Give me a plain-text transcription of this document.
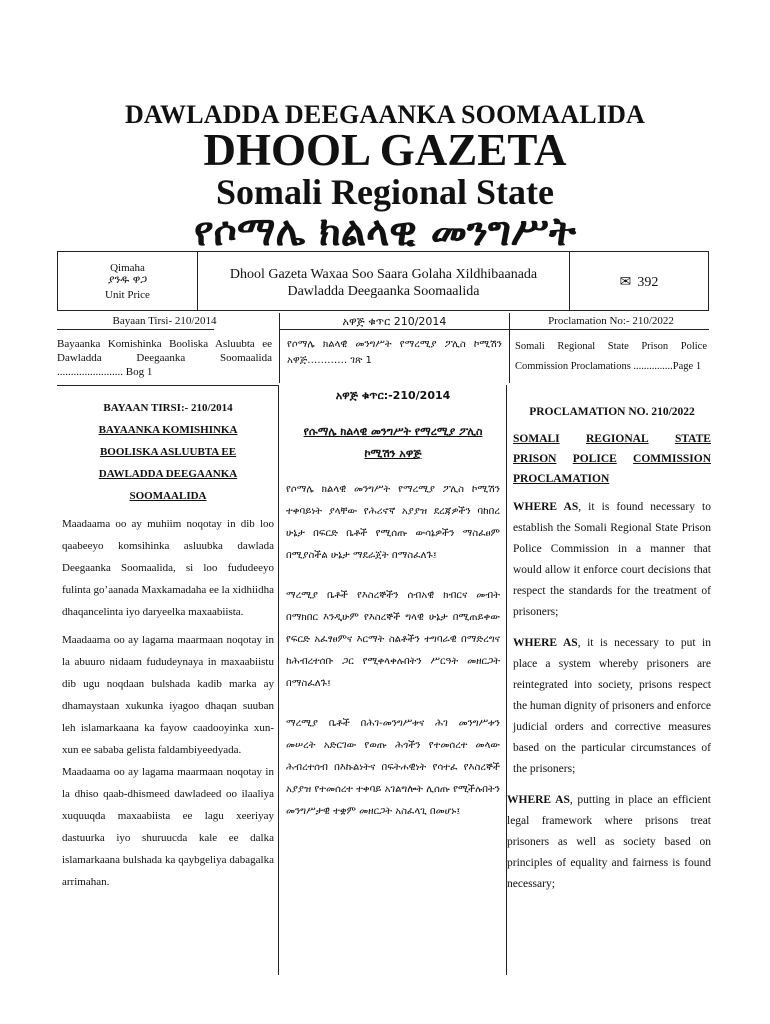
DAWLADDA DEEGAANKA SOOMAALIDA
DHOOL GAZETA
Somali Regional State
የሶማሌ ክልላዊ መንግሥት
Qimaha
ያንዱ ዋጋ
Unit Price
Dhool Gazeta Waxaa Soo Saara Golaha Xildhibaanada
Dawladda Deegaanka Soomaalida
✉ 392
Bayaan Tirsi- 210/2014
Bayaanka Komishinka Booliska Asluubta ee Dawladda Deegaanka Soomaalida ........................ Bog 1
አዋጅ ቁጥር 210/2014
የሶማሌ ክልላዊ መንግሥት የማረሚያ ፖሊስ ኮሚሽን አዋጅ………… ገጽ 1
Proclamation No:- 210/2022
Somali Regional State Prison Police Commission Proclamations ...............Page 1
BAYAAN TIRSI:- 210/2014
BAYAANKA KOMISHINKA
BOOLISKA ASLUUBTA EE
DAWLADDA DEEGAANKA
SOOMAALIDA

Maadaama oo ay muhiim noqotay in dib loo qaabeeyo komsihinka asluubka dawlada Deegaanka Soomaalida, si loo fududeeyo fulinta go’aanada Maxkamadaha ee la xidhiidha dhaqancelinta iyo daryeelka maxaabiista.

Maadaama oo ay lagama maarmaan noqotay in la abuuro nidaam fududeynaya in maxaabiistu dib ugu noqdaan bulshada kadib marka ay dhamaystaan xukunka iyagoo dhaqan suuban leh islamarkaana ka fayow caadooyinka xun-xun ee sababa gelista fal​dambiyeedyada.

Maadaama oo ay lagama maarmaan noqotay in la dhiso qaab-dhismeed dawladeed oo ilaaliya xuquuqda maxaabiista ee lagu xeeriyay dastuurka iyo shuruucda kale ee dalka islamarkaana bulshada ka qaybgeliya dabagalka arrimahan.

አዋጅ ቁጥር:-210/2014
የሱማሌ ክልላዊ መንግሥት የማረሚያ ፖሊስ
ኮሚሽን አዋጅ

የሶማሌ ክልላዊ መንግሥት የማረሚያ ፖሊስ ኮሚሽን ተቀባይነት ያላቸው የሕሪኖኛ አያያዝ ደረጃዎችን ባከበረ ሁኔታ በፍርድ ቤቶች የሚሰጡ ውሳኔዎችን ማስፈፀም በሚያስችል ሁኔታ ማደራጀት በማስፈለጉ፤

ማረሚያ ቤቶች የእስረኞችን ሰብአዊ ክብርና መብት በማክበር እንዲሁም የእስረኞች ግላዊ ሁኔታ በሚጠይቀው የፍርድ አፈፃፀምና እርማት ስልቶችን ተግባራዊ በማድረግና ከሕብረተሰቡ ጋር የሚቀላቀሉበትን ሥርዓት መዘርጋት በማስፈለጉ፤

ማረሚያ ቤቶች በሕገ-መንግሥቱና ሕገ መንግሥቱን መሠረት አድርገው የወጡ ሕጎችን የተመሰረተ መላው ሕብረተሰብ በእኩልነትና በፍትሐዊነት የሳተፈ የእስረኞች አያያዝ የተመሰረተ ተቀባይ አገልግሎት ሊሰጡ የሚችሉበትን መንግሥታዊ ተቋም መዘርጋት አስፈላጊ በመሆኑ፤

PROCLAMATION NO. 210/2022
SOMALI REGIONAL STATE
PRISON POLICE COMMISSION
PROCLAMATION

WHERE AS, it is found necessary to establish the Somali Regional State Prison Police Commission in a manner that would allow it enforce court decisions that respect the standards for the treatment of prisoners;

WHERE AS, it is necessary to put in place a system whereby prisoners are reintegrated into society, prisons respect the human dignity of prisoners and enforce judicial orders and corrective measures based on the particular circumstances of the prisoners;

WHERE AS, putting in place an efficient legal framework where prisons treat prisoners as well as society based on principles of equality and fairness is found necessary;
